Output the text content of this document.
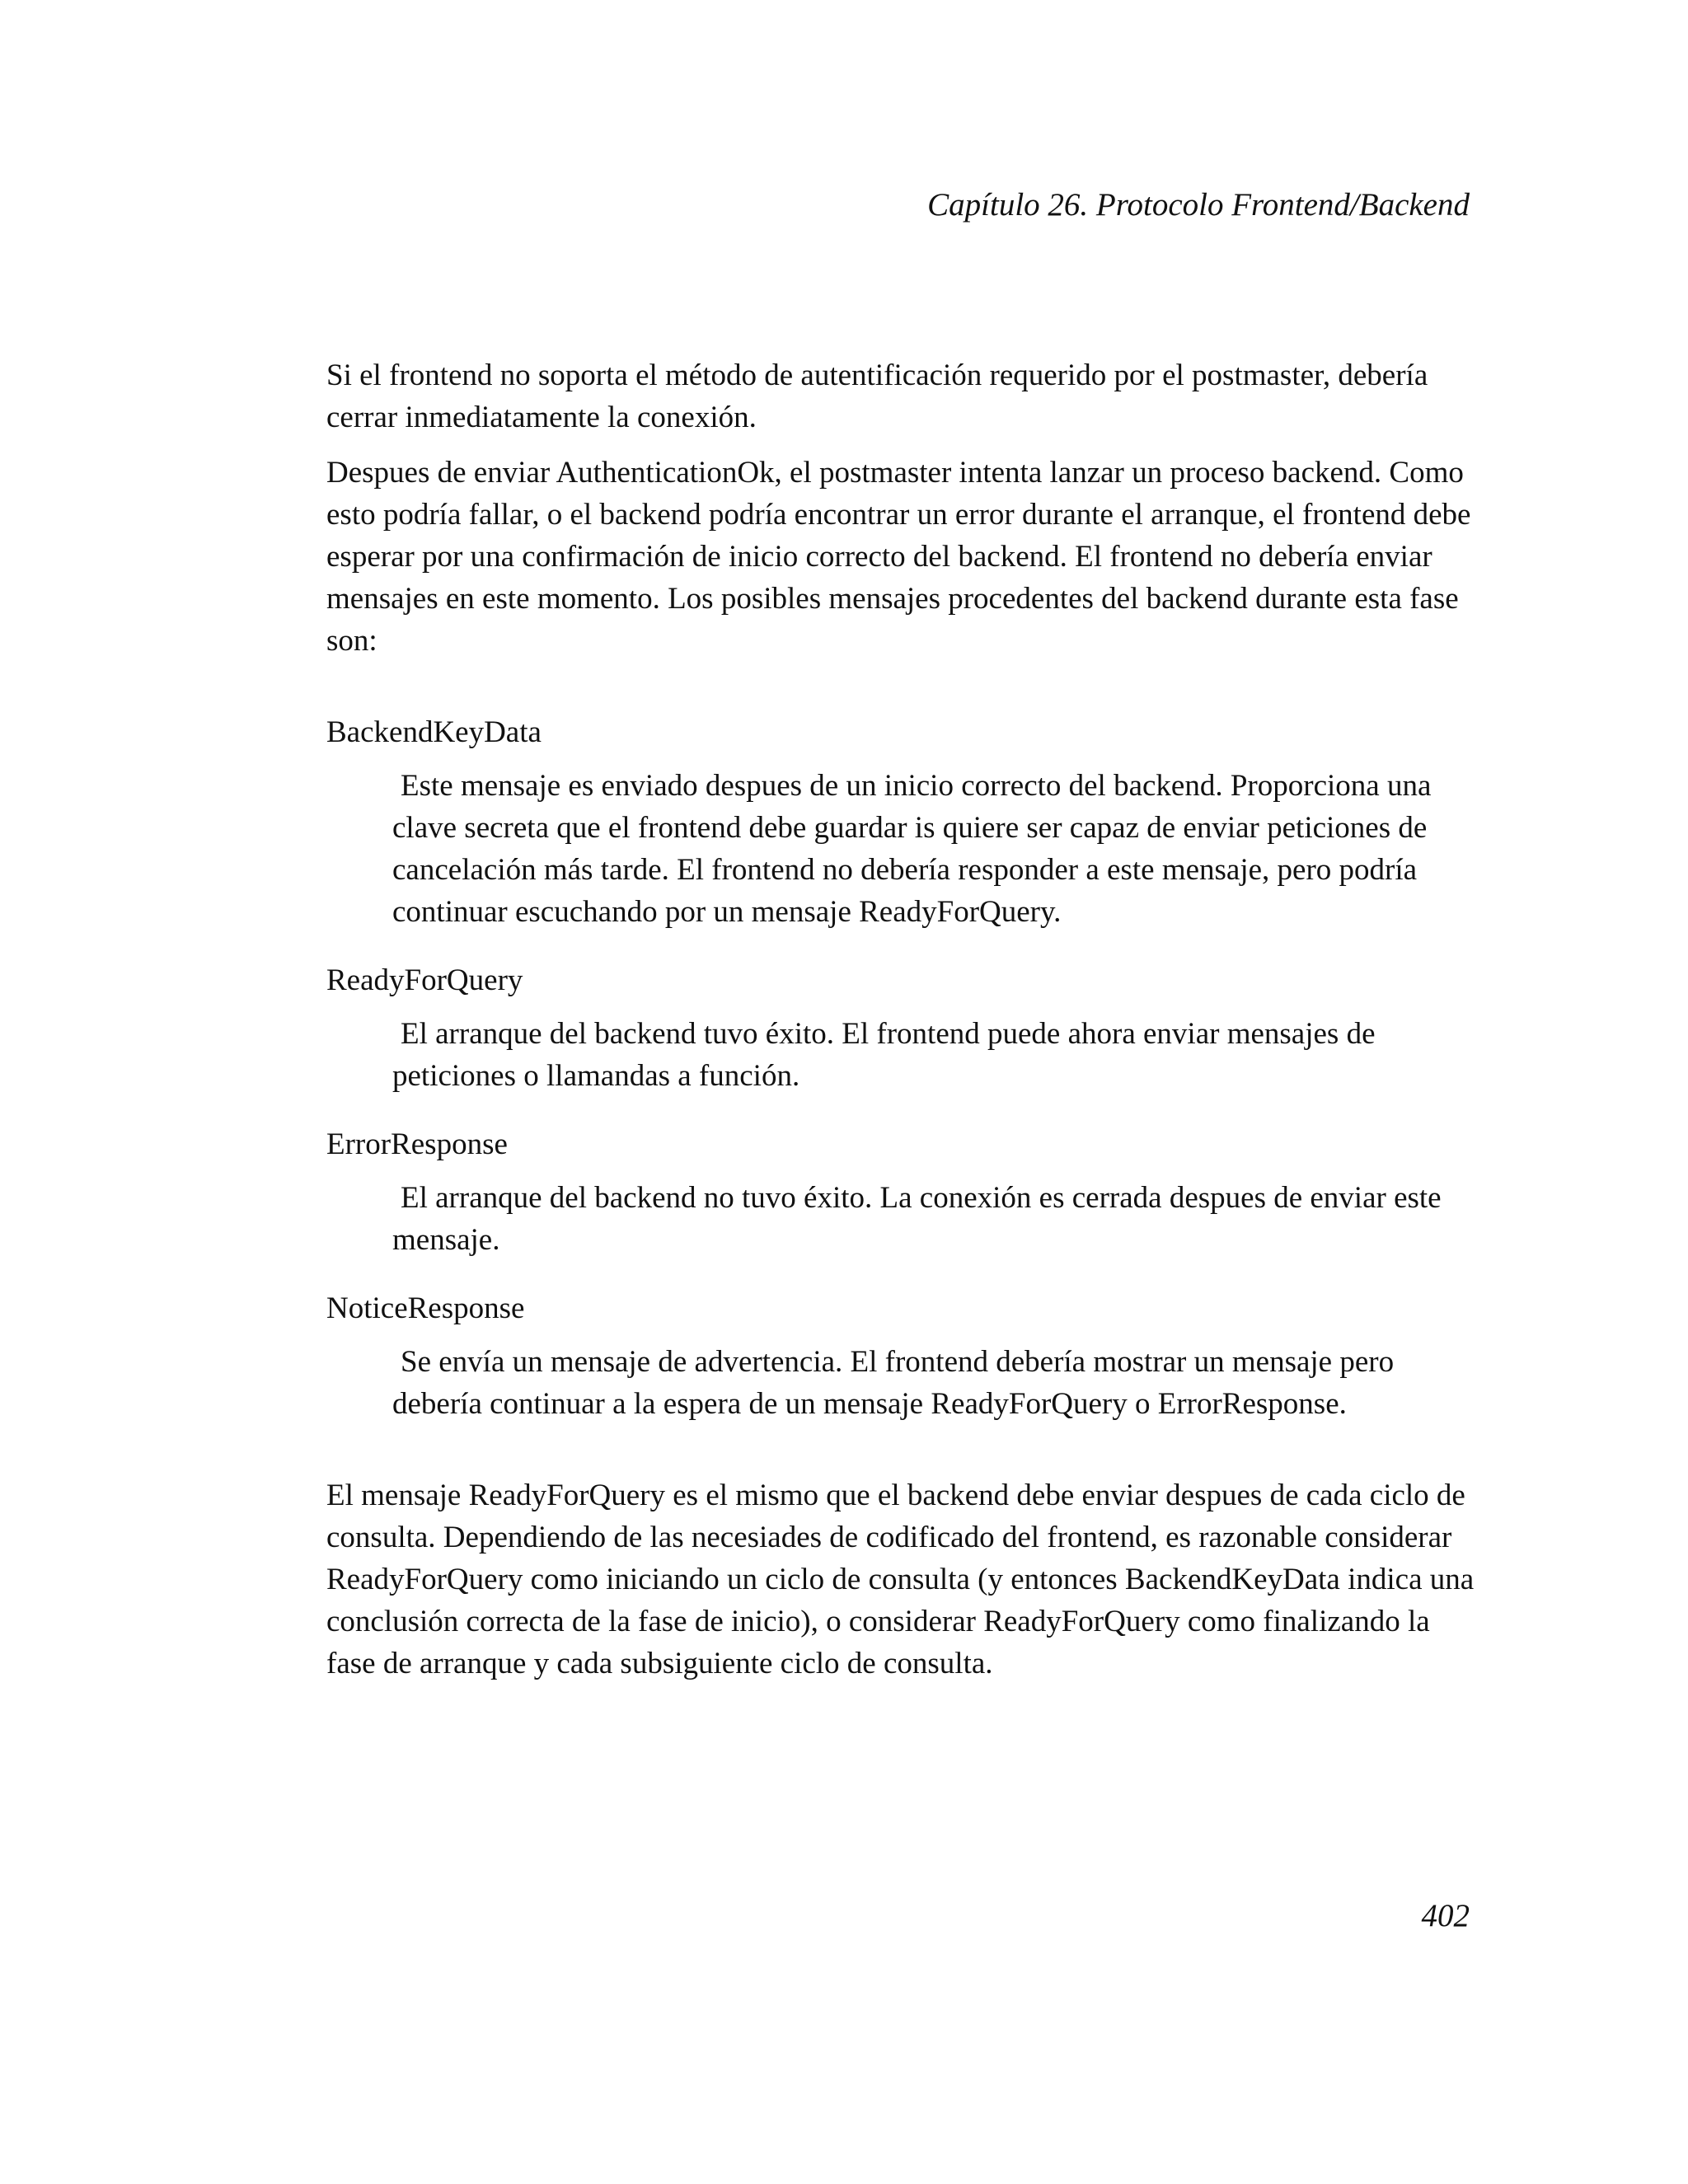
Capítulo 26. Protocolo Frontend/Backend

Si el frontend no soporta el método de autentificación requerido por el postmaster, debería cerrar inmediatamente la conexión.

Despues de enviar AuthenticationOk, el postmaster intenta lanzar un proceso backend. Como esto podría fallar, o el backend podría encontrar un error durante el arranque, el frontend debe esperar por una confirmación de inicio correcto del backend. El frontend no debería enviar mensajes en este momento. Los posibles mensajes procedentes del backend durante esta fase son:

BackendKeyData

Este mensaje es enviado despues de un inicio correcto del backend. Proporciona una clave secreta que el frontend debe guardar is quiere ser capaz de enviar peticiones de cancelación más tarde. El frontend no debería responder a este mensaje, pero podría continuar escuchando por un mensaje ReadyForQuery.

ReadyForQuery

El arranque del backend tuvo éxito. El frontend puede ahora enviar mensajes de peticiones o llamandas a función.

ErrorResponse

El arranque del backend no tuvo éxito. La conexión es cerrada despues de enviar este mensaje.

NoticeResponse

Se envía un mensaje de advertencia. El frontend debería mostrar un mensaje pero debería continuar a la espera de un mensaje ReadyForQuery o ErrorResponse.

El mensaje ReadyForQuery es el mismo que el backend debe enviar despues de cada ciclo de consulta. Dependiendo de las necesiades de codificado del frontend, es razonable considerar ReadyForQuery como iniciando un ciclo de consulta (y entonces BackendKeyData indica una conclusión correcta de la fase de inicio), o considerar ReadyForQuery como finalizando la fase de arranque y cada subsiguiente ciclo de consulta.

402
